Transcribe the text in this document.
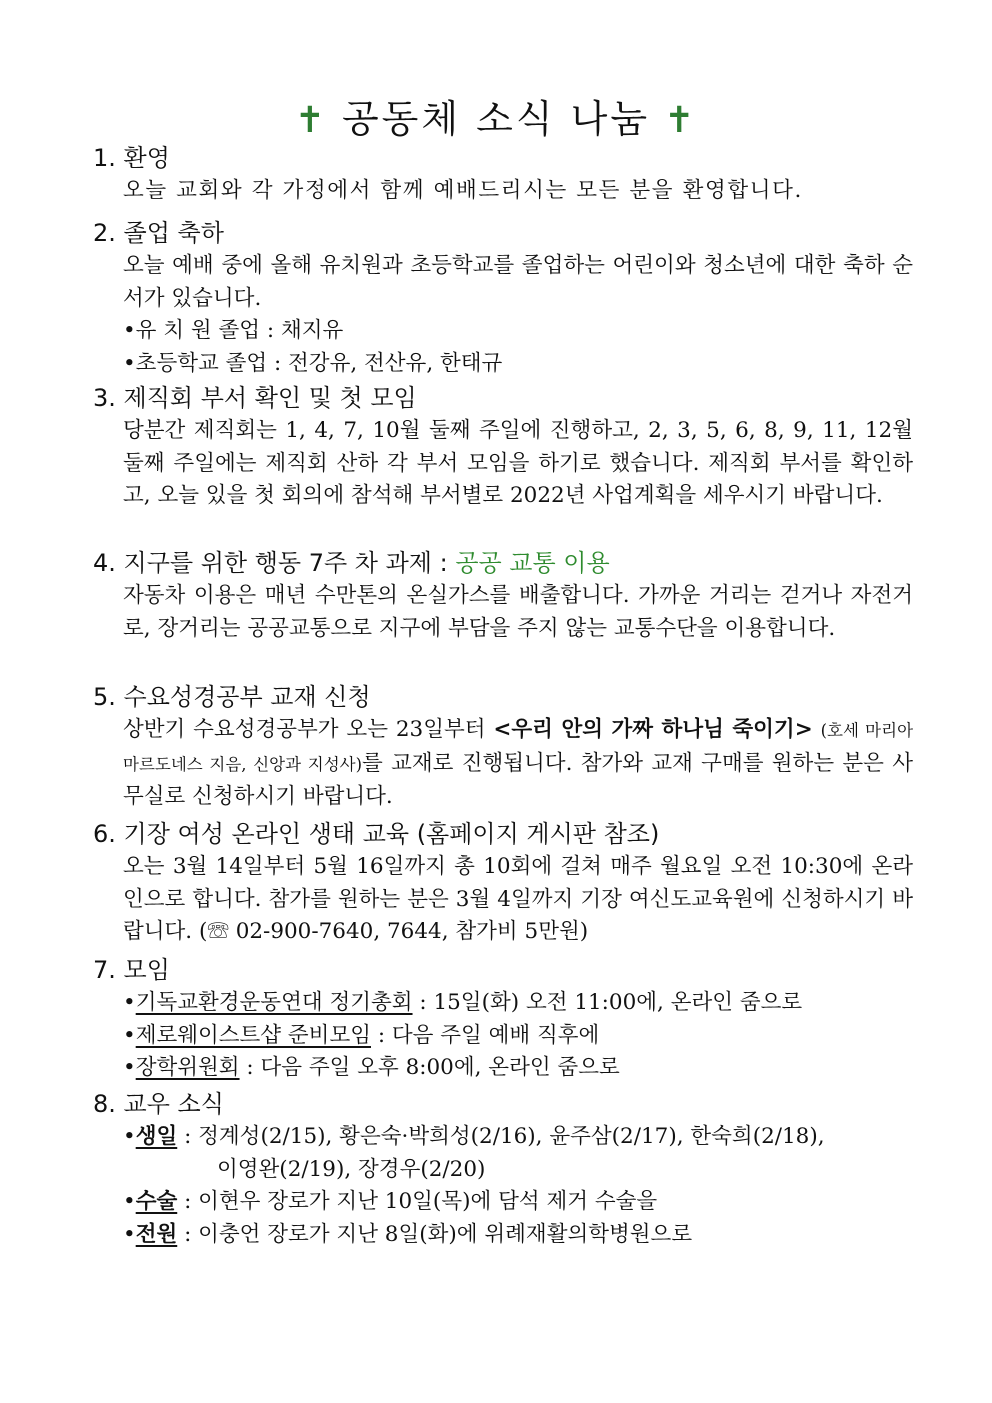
✝ 공동체 소식 나눔 ✝
1. 환영
오늘 교회와 각 가정에서 함께 예배드리시는 모든 분을 환영합니다.
2. 졸업 축하
오늘 예배 중에 올해 유치원과 초등학교를 졸업하는 어린이와 청소년에 대한 축하 순서가 있습니다.
•유 치 원 졸업 : 채지유
•초등학교 졸업 : 전강유, 전산유, 한태규
3. 제직회 부서 확인 및 첫 모임
당분간 제직회는 1, 4, 7, 10월 둘째 주일에 진행하고, 2, 3, 5, 6, 8, 9, 11, 12월 둘째 주일에는 제직회 산하 각 부서 모임을 하기로 했습니다. 제직회 부서를 확인하고, 오늘 있을 첫 회의에 참석해 부서별로 2022년 사업계획을 세우시기 바랍니다.
4. 지구를 위한 행동 7주 차 과제 : 공공 교통 이용
자동차 이용은 매년 수만톤의 온실가스를 배출합니다. 가까운 거리는 걷거나 자전거로, 장거리는 공공교통으로 지구에 부담을 주지 않는 교통수단을 이용합니다.
5. 수요성경공부 교재 신청
상반기 수요성경공부가 오는 23일부터 <우리 안의 가짜 하나님 죽이기> (호세 마리아 마르도네스 지음, 신앙과 지성사)를 교재로 진행됩니다. 참가와 교재 구매를 원하는 분은 사무실로 신청하시기 바랍니다.
6. 기장 여성 온라인 생태 교육 (홈페이지 게시판 참조)
오는 3월 14일부터 5월 16일까지 총 10회에 걸쳐 매주 월요일 오전 10:30에 온라인으로 합니다. 참가를 원하는 분은 3월 4일까지 기장 여신도교육원에 신청하시기 바랍니다. (☏ 02-900-7640, 7644, 참가비 5만원)
7. 모임
•기독교환경운동연대 정기총회 : 15일(화) 오전 11:00에, 온라인 줌으로
•제로웨이스트샵 준비모임 : 다음 주일 예배 직후에
•장학위원회 : 다음 주일 오후 8:00에, 온라인 줌으로
8. 교우 소식
•생일 : 정계성(2/15), 황은숙·박희성(2/16), 윤주삼(2/17), 한숙희(2/18),
이영완(2/19), 장경우(2/20)
•수술 : 이현우 장로가 지난 10일(목)에 담석 제거 수술을
•전원 : 이충언 장로가 지난 8일(화)에 위례재활의학병원으로
